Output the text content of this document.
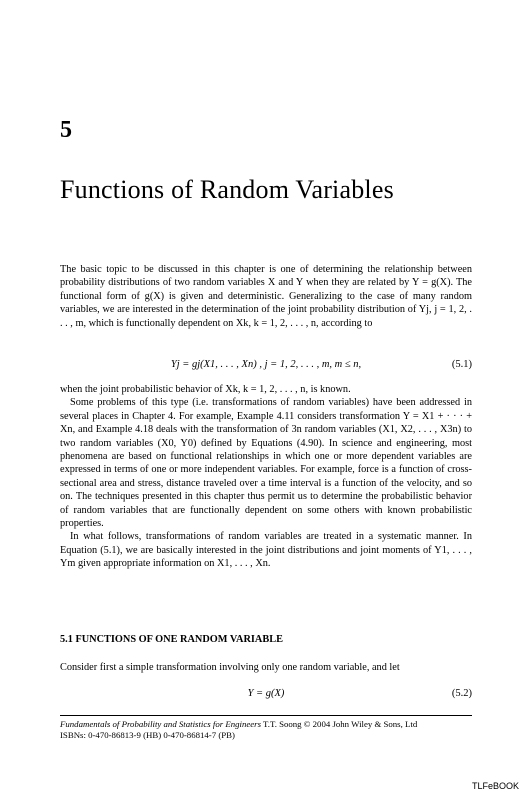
5
Functions of Random Variables

The basic topic to be discussed in this chapter is one of determining the relationship between probability distributions of two random variables X and Y when they are related by Y = g(X). The functional form of g(X) is given and deterministic. Generalizing to the case of many random variables, we are interested in the determination of the joint probability distribution of Yj, j = 1, 2, . . . , m, which is functionally dependent on Xk, k = 1, 2, . . . , n, according to

Yj = gj(X1, . . . , Xn) , j = 1, 2, . . . , m, m ≤ n,	(5.1)

when the joint probabilistic behavior of Xk, k = 1, 2, . . . , n, is known.

Some problems of this type (i.e. transformations of random variables) have been addressed in several places in Chapter 4. For example, Example 4.11 considers transformation Y = X1 + · · · + Xn, and Example 4.18 deals with the transformation of 3n random variables (X1, X2, . . . , X3n) to two random variables (X0, Y0) defined by Equations (4.90). In science and engineering, most phenomena are based on functional relationships in which one or more dependent variables are expressed in terms of one or more independent variables. For example, force is a function of cross-sectional area and stress, distance traveled over a time interval is a function of the velocity, and so on. The techniques presented in this chapter thus permit us to determine the probabilistic behavior of random variables that are functionally dependent on some others with known probabilistic properties.

In what follows, transformations of random variables are treated in a systematic manner. In Equation (5.1), we are basically interested in the joint distributions and joint moments of Y1, . . . , Ym given appropriate information on X1, . . . , Xn.

5.1 FUNCTIONS OF ONE RANDOM VARIABLE

Consider first a simple transformation involving only one random variable, and let

Y = g(X)	(5.2)
Fundamentals of Probability and Statistics for Engineers T.T. Soong © 2004 John Wiley & Sons, Ltd
ISBNs: 0-470-86813-9 (HB) 0-470-86814-7 (PB)
TLFeBOOK
